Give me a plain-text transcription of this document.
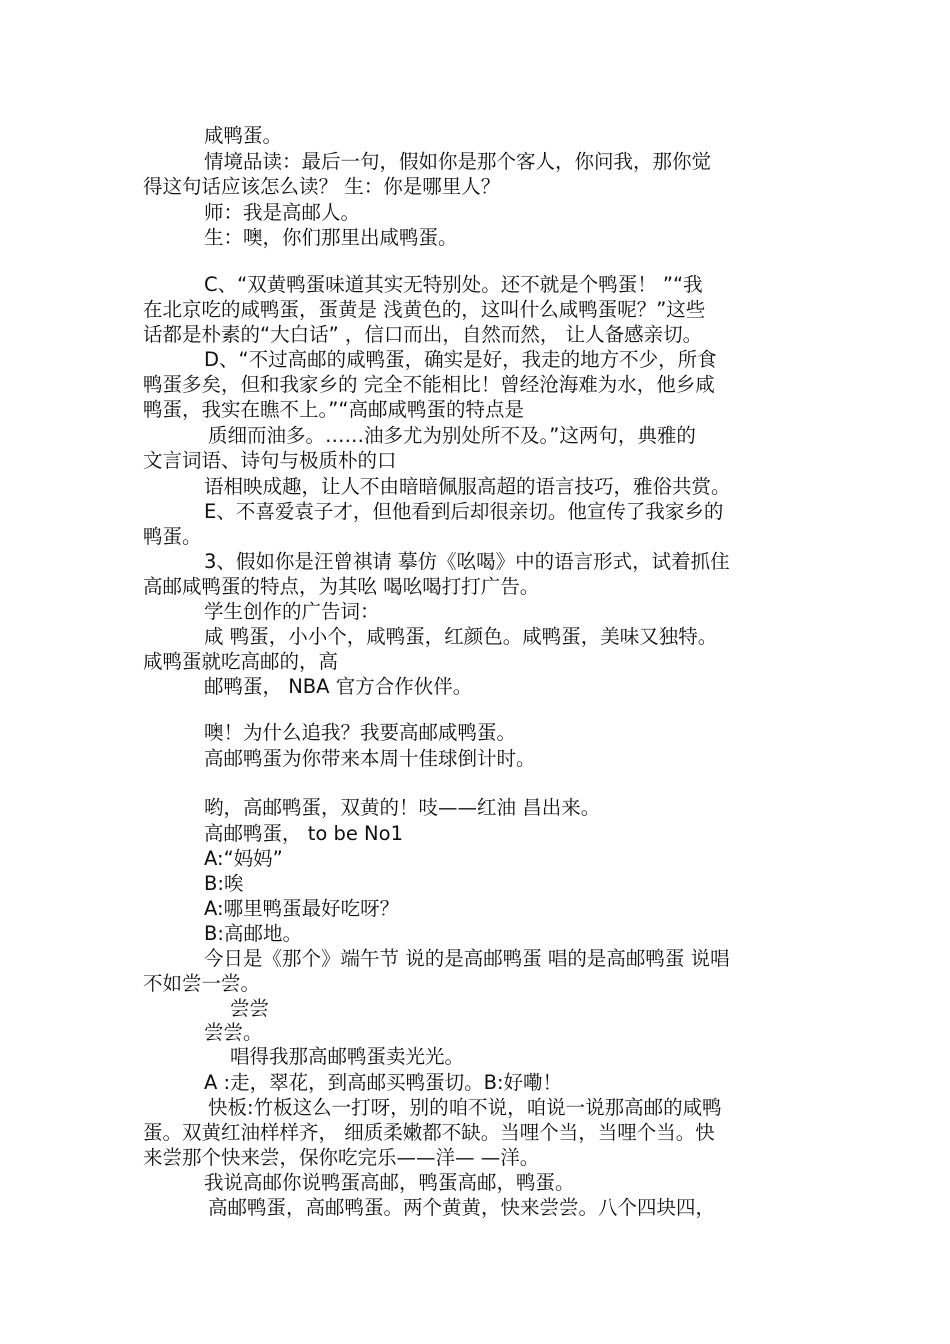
咸鸭蛋。

情境品读：最后一句，假如你是那个客人，你问我，那你觉

得这句话应该怎么读？ 生：你是哪里人？

师：我是高邮人。

生：噢，你们那里出咸鸭蛋。

C、“双黄鸭蛋味道其实无特别处。还不就是个鸭蛋！ ”“我

在北京吃的咸鸭蛋，蛋黄是 浅黄色的，这叫什么咸鸭蛋呢？”这些

话都是朴素的“大白话” ，信口而出，自然而然， 让人备感亲切。

D、“不过高邮的咸鸭蛋，确实是好，我走的地方不少，所食

鸭蛋多矣，但和我家乡的 完全不能相比！曾经沧海难为水，他乡咸

鸭蛋，我实在瞧不上。”“高邮咸鸭蛋的特点是

质细而油多。……油多尤为别处所不及。”这两句，典雅的

文言词语、诗句与极质朴的口

语相映成趣，让人不由暗暗佩服高超的语言技巧，雅俗共赏。

E、不喜爱袁子才，但他看到后却很亲切。他宣传了我家乡的

鸭蛋。

3、假如你是汪曾祺请 摹仿《吆喝》中的语言形式，试着抓住

高邮咸鸭蛋的特点，为其吆 喝吆喝打打广告。

学生创作的广告词：

咸 鸭蛋，小小个，咸鸭蛋，红颜色。咸鸭蛋，美味又独特。

咸鸭蛋就吃高邮的，高

邮鸭蛋， NBA 官方合作伙伴。

噢！为什么追我？我要高邮咸鸭蛋。

高邮鸭蛋为你带来本周十佳球倒计时。

哟，高邮鸭蛋，双黄的！吱——红油 昌出来。

高邮鸭蛋， to be No1

A:“妈妈”

B:唉

A:哪里鸭蛋最好吃呀？

B:高邮地。

今日是《那个》端午节 说的是高邮鸭蛋 唱的是高邮鸭蛋 说唱

不如尝一尝。

尝尝

尝尝。

唱得我那高邮鸭蛋卖光光。

A :走，翠花，到高邮买鸭蛋切。B:好嘞！

快板:竹板这么一打呀，别的咱不说，咱说一说那高邮的咸鸭

蛋。双黄红油样样齐， 细质柔嫩都不缺。当哩个当，当哩个当。快

来尝那个快来尝，保你吃完乐——洋— —洋。

我说高邮你说鸭蛋高邮，鸭蛋高邮，鸭蛋。

高邮鸭蛋，高邮鸭蛋。两个黄黄，快来尝尝。八个四块四，
